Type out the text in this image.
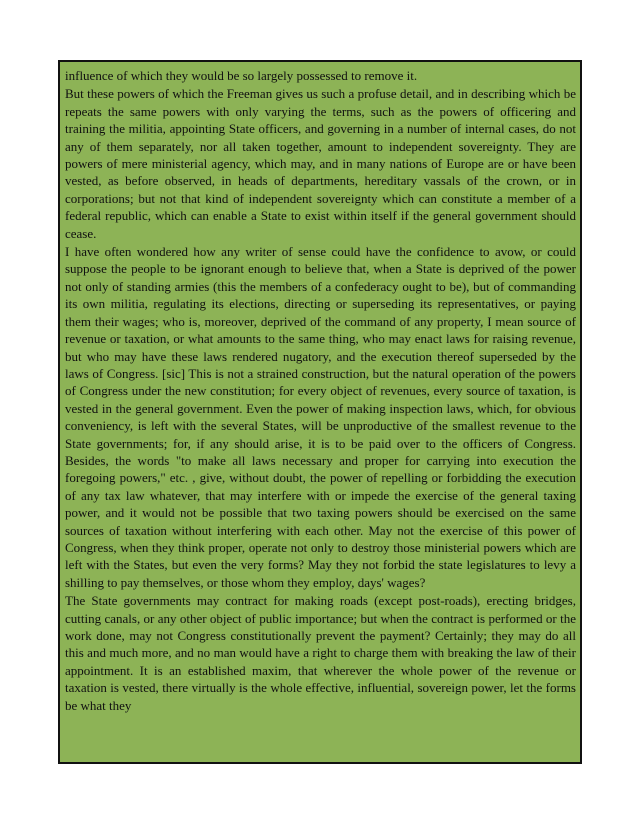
influence of which they would be so largely possessed to remove it.

But these powers of which the Freeman gives us such a profuse detail, and in describing which be repeats the same powers with only varying the terms, such as the powers of officering and training the militia, appointing State officers, and governing in a number of internal cases, do not any of them separately, nor all taken together, amount to independent sovereignty. They are powers of mere ministerial agency, which may, and in many nations of Europe are or have been vested, as before observed, in heads of departments, hereditary vassals of the crown, or in corporations; but not that kind of independent sovereignty which can constitute a member of a federal republic, which can enable a State to exist within itself if the general government should cease.

I have often wondered how any writer of sense could have the confidence to avow, or could suppose the people to be ignorant enough to believe that, when a State is deprived of the power not only of standing armies (this the members of a confederacy ought to be), but of commanding its own militia, regulating its elections, directing or superseding its representatives, or paying them their wages; who is, moreover, deprived of the command of any property, I mean source of revenue or taxation, or what amounts to the same thing, who may enact laws for raising revenue, but who may have these laws rendered nugatory, and the execution thereof superseded by the laws of Congress. [sic] This is not a strained construction, but the natural operation of the powers of Congress under the new constitution; for every object of revenues, every source of taxation, is vested in the general government. Even the power of making inspection laws, which, for obvious conveniency, is left with the several States, will be unproductive of the smallest revenue to the State governments; for, if any should arise, it is to be paid over to the officers of Congress. Besides, the words "to make all laws necessary and proper for carrying into execution the foregoing powers," etc. , give, without doubt, the power of repelling or forbidding the execution of any tax law whatever, that may interfere with or impede the exercise of the general taxing power, and it would not be possible that two taxing powers should be exercised on the same sources of taxation without interfering with each other. May not the exercise of this power of Congress, when they think proper, operate not only to destroy those ministerial powers which are left with the States, but even the very forms? May they not forbid the state legislatures to levy a shilling to pay themselves, or those whom they employ, days' wages?

The State governments may contract for making roads (except post-roads), erecting bridges, cutting canals, or any other object of public importance; but when the contract is performed or the work done, may not Congress constitutionally prevent the payment? Certainly; they may do all this and much more, and no man would have a right to charge them with breaking the law of their appointment. It is an established maxim, that wherever the whole power of the revenue or taxation is vested, there virtually is the whole effective, influential, sovereign power, let the forms be what they
